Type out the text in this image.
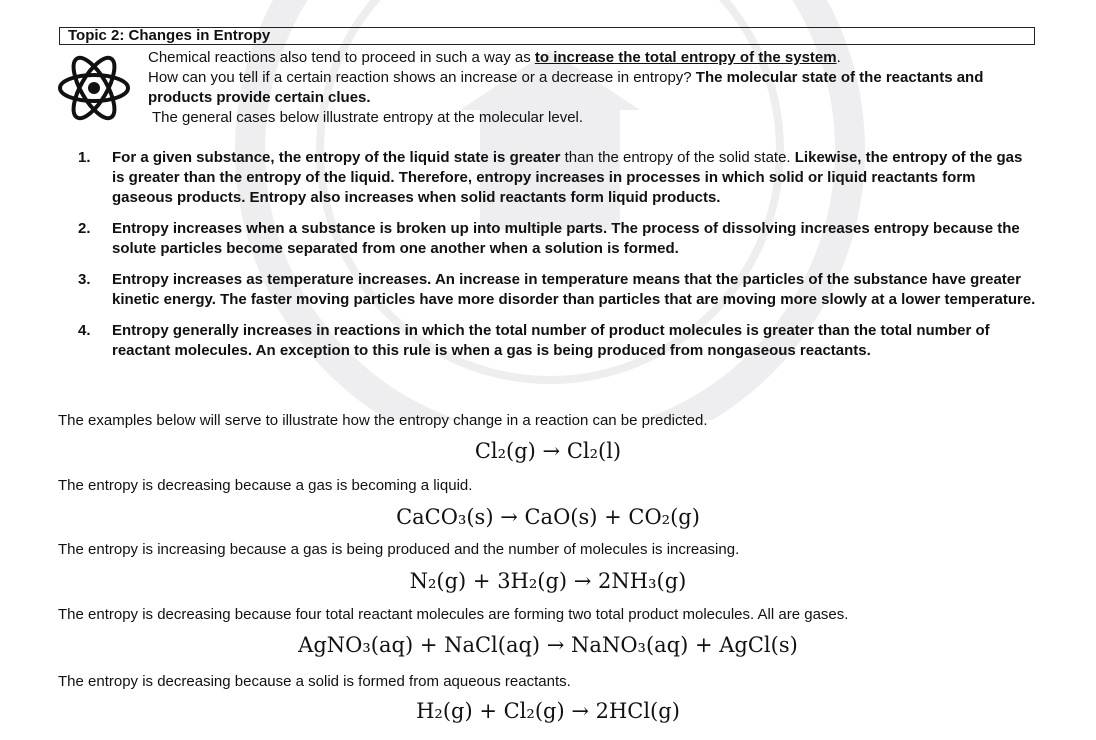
Topic 2: Changes in Entropy

Chemical reactions also tend to proceed in such a way as to increase the total entropy of the system.

How can you tell if a certain reaction shows an increase or a decrease in entropy? The molecular state of the reactants and products provide certain clues.

The general cases below illustrate entropy at the molecular level.

1. For a given substance, the entropy of the liquid state is greater than the entropy of the solid state. Likewise, the entropy of the gas is greater than the entropy of the liquid. Therefore, entropy increases in processes in which solid or liquid reactants form gaseous products. Entropy also increases when solid reactants form liquid products.
2. Entropy increases when a substance is broken up into multiple parts. The process of dissolving increases entropy because the solute particles become separated from one another when a solution is formed.
3. Entropy increases as temperature increases. An increase in temperature means that the particles of the substance have greater kinetic energy. The faster moving particles have more disorder than particles that are moving more slowly at a lower temperature.
4. Entropy generally increases in reactions in which the total number of product molecules is greater than the total number of reactant molecules. An exception to this rule is when a gas is being produced from nongaseous reactants.

The examples below will serve to illustrate how the entropy change in a reaction can be predicted.

Cl₂(g) → Cl₂(l)

The entropy is decreasing because a gas is becoming a liquid.

CaCO₃(s) → CaO(s) + CO₂(g)

The entropy is increasing because a gas is being produced and the number of molecules is increasing.

N₂(g) + 3H₂(g) → 2NH₃(g)

The entropy is decreasing because four total reactant molecules are forming two total product molecules. All are gases.

AgNO₃(aq) + NaCl(aq) → NaNO₃(aq) + AgCl(s)

The entropy is decreasing because a solid is formed from aqueous reactants.

H₂(g) + Cl₂(g) → 2HCl(g)
